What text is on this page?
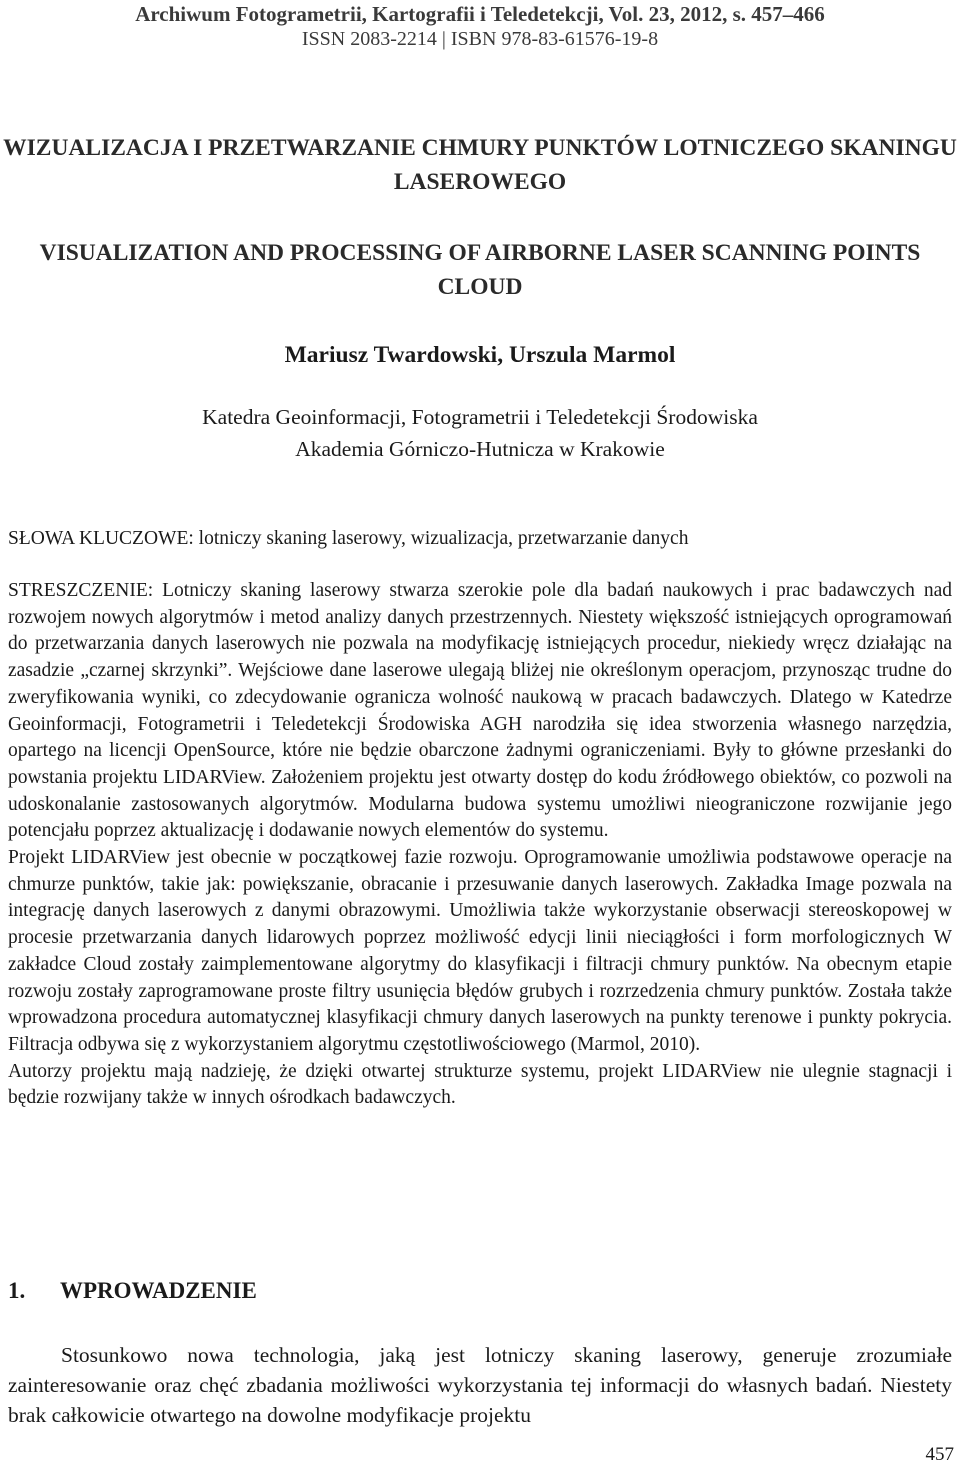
Archiwum Fotogrametrii, Kartografii i Teledetekcji, Vol. 23, 2012, s. 457–466
ISSN 2083-2214 | ISBN 978-83-61576-19-8
WIZUALIZACJA I PRZETWARZANIE CHMURY PUNKTÓW LOTNICZEGO SKANINGU LASEROWEGO
VISUALIZATION AND PROCESSING OF AIRBORNE LASER SCANNING POINTS CLOUD
Mariusz Twardowski, Urszula Marmol
Katedra Geoinformacji, Fotogrametrii i Teledetekcji Środowiska
Akademia Górniczo-Hutnicza w Krakowie
SŁOWA KLUCZOWE: lotniczy skaning laserowy, wizualizacja, przetwarzanie danych

STRESZCZENIE: Lotniczy skaning laserowy stwarza szerokie pole dla badań naukowych i prac badawczych nad rozwojem nowych algorytmów i metod analizy danych przestrzennych. Niestety większość istniejących oprogramowań do przetwarzania danych laserowych nie pozwala na modyfikację istniejących procedur, niekiedy wręcz działając na zasadzie „czarnej skrzynki”. Wejściowe dane laserowe ulegają bliżej nie określonym operacjom, przynosząc trudne do zweryfikowania wyniki, co zdecydowanie ogranicza wolność naukową w pracach badawczych. Dlatego w Katedrze Geoinformacji, Fotogrametrii i Teledetekcji Środowiska AGH narodziła się idea stworzenia własnego narzędzia, opartego na licencji OpenSource, które nie będzie obarczone żadnymi ograniczeniami. Były to główne przesłanki do powstania projektu LIDARView. Założeniem projektu jest otwarty dostęp do kodu źródłowego obiektów, co pozwoli na udoskonalanie zastosowanych algorytmów. Modularna budowa systemu umożliwi nieograniczone rozwijanie jego potencjału poprzez aktualizację i dodawanie nowych elementów do systemu.

Projekt LIDARView jest obecnie w początkowej fazie rozwoju. Oprogramowanie umożliwia podstawowe operacje na chmurze punktów, takie jak: powiększanie, obracanie i przesuwanie danych laserowych. Zakładka Image pozwala na integrację danych laserowych z danymi obrazowymi. Umożliwia także wykorzystanie obserwacji stereoskopowej w procesie przetwarzania danych lidarowych poprzez możliwość edycji linii nieciągłości i form morfologicznych W zakładce Cloud zostały zaimplementowane algorytmy do klasyfikacji i filtracji chmury punktów. Na obecnym etapie rozwoju zostały zaprogramowane proste filtry usunięcia błędów grubych i rozrzedzenia chmury punktów. Została także wprowadzona procedura automatycznej klasyfikacji chmury danych laserowych na punkty terenowe i punkty pokrycia. Filtracja odbywa się z wykorzystaniem algorytmu częstotliwościowego (Marmol, 2010).

Autorzy projektu mają nadzieję, że dzięki otwartej strukturze systemu, projekt LIDARView nie ulegnie stagnacji i będzie rozwijany także w innych ośrodkach badawczych.

1. WPROWADZENIE

Stosunkowo nowa technologia, jaką jest lotniczy skaning laserowy, generuje zrozumiałe zainteresowanie oraz chęć zbadania możliwości wykorzystania tej informacji do własnych badań. Niestety brak całkowicie otwartego na dowolne modyfikacje projektu

457
